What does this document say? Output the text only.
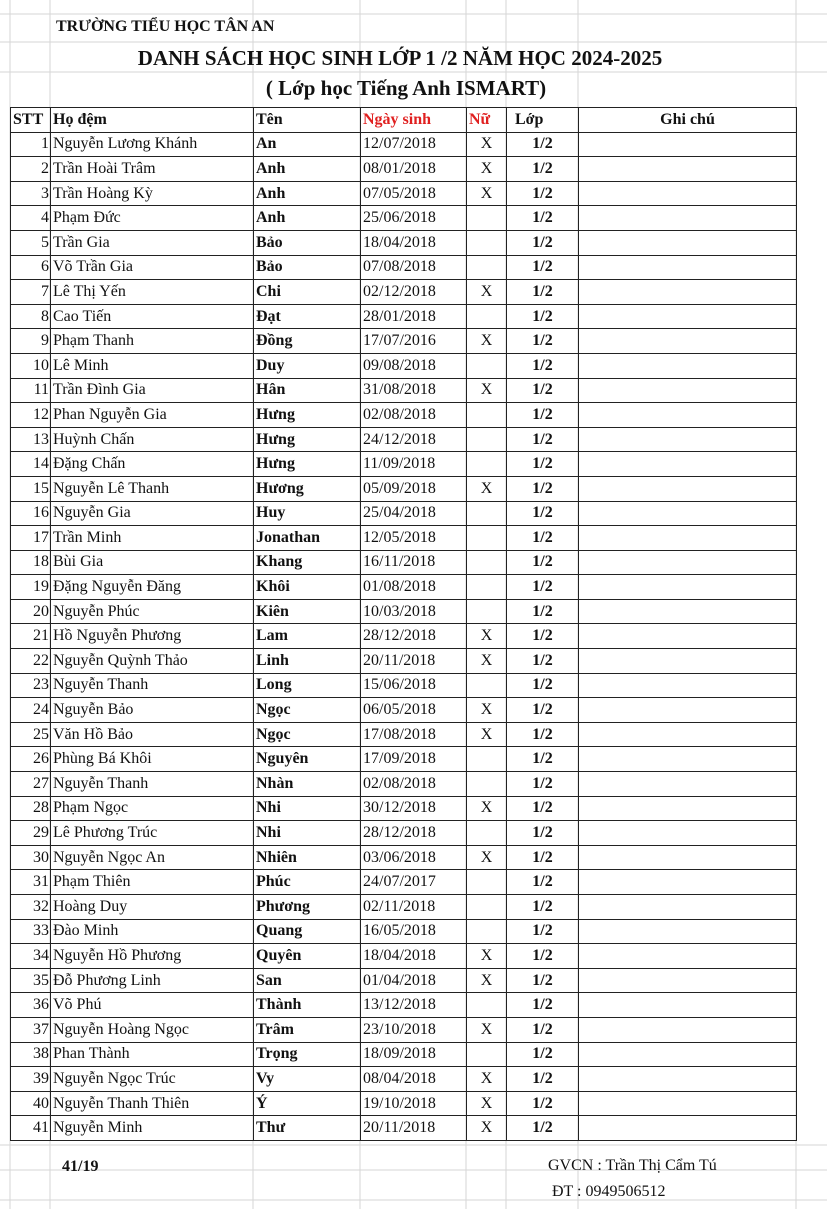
TRƯỜNG TIỂU HỌC TÂN AN
DANH SÁCH HỌC SINH LỚP 1 /2 NĂM HỌC 2024-2025
( Lớp học Tiếng Anh ISMART)
STT	Họ đệm	Tên	Ngày sinh	Nữ	Lớp	Ghi chú
1	Nguyễn Lương Khánh	An	12/07/2018	X	1/2	
2	Trần Hoài Trâm	Anh	08/01/2018	X	1/2	
3	Trần Hoàng Kỳ	Anh	07/05/2018	X	1/2	
4	Phạm Đức	Anh	25/06/2018		1/2	
5	Trần Gia	Bảo	18/04/2018		1/2	
6	Võ Trần Gia	Bảo	07/08/2018		1/2	
7	Lê Thị Yến	Chi	02/12/2018	X	1/2	
8	Cao Tiến	Đạt	28/01/2018		1/2	
9	Phạm Thanh	Đồng	17/07/2016	X	1/2	
10	Lê Minh	Duy	09/08/2018		1/2	
11	Trần Đình Gia	Hân	31/08/2018	X	1/2	
12	Phan Nguyễn Gia	Hưng	02/08/2018		1/2	
13	Huỳnh Chấn	Hưng	24/12/2018		1/2	
14	Đặng Chấn	Hưng	11/09/2018		1/2	
15	Nguyễn Lê Thanh	Hương	05/09/2018	X	1/2	
16	Nguyễn Gia	Huy	25/04/2018		1/2	
17	Trần Minh	Jonathan	12/05/2018		1/2	
18	Bùi Gia	Khang	16/11/2018		1/2	
19	Đặng Nguyễn Đăng	Khôi	01/08/2018		1/2	
20	Nguyễn Phúc	Kiên	10/03/2018		1/2	
21	Hồ Nguyễn Phương	Lam	28/12/2018	X	1/2	
22	Nguyễn Quỳnh Thảo	Linh	20/11/2018	X	1/2	
23	Nguyễn Thanh	Long	15/06/2018		1/2	
24	Nguyễn Bảo	Ngọc	06/05/2018	X	1/2	
25	Văn Hồ Bảo	Ngọc	17/08/2018	X	1/2	
26	Phùng Bá Khôi	Nguyên	17/09/2018		1/2	
27	Nguyễn Thanh	Nhàn	02/08/2018		1/2	
28	Phạm Ngọc	Nhi	30/12/2018	X	1/2	
29	Lê Phương Trúc	Nhi	28/12/2018		1/2	
30	Nguyễn Ngọc An	Nhiên	03/06/2018	X	1/2	
31	Phạm Thiên	Phúc	24/07/2017		1/2	
32	Hoàng Duy	Phương	02/11/2018		1/2	
33	Đào Minh	Quang	16/05/2018		1/2	
34	Nguyễn Hồ Phương	Quyên	18/04/2018	X	1/2	
35	Đỗ Phương Linh	San	01/04/2018	X	1/2	
36	Võ Phú	Thành	13/12/2018		1/2	
37	Nguyễn Hoàng Ngọc	Trâm	23/10/2018	X	1/2	
38	Phan Thành	Trọng	18/09/2018		1/2	
39	Nguyễn Ngọc Trúc	Vy	08/04/2018	X	1/2	
40	Nguyễn Thanh Thiên	Ý	19/10/2018	X	1/2	
41	Nguyễn Minh	Thư	20/11/2018	X	1/2	
41/19	GVCN : Trần Thị Cẩm Tú
ĐT : 0949506512
